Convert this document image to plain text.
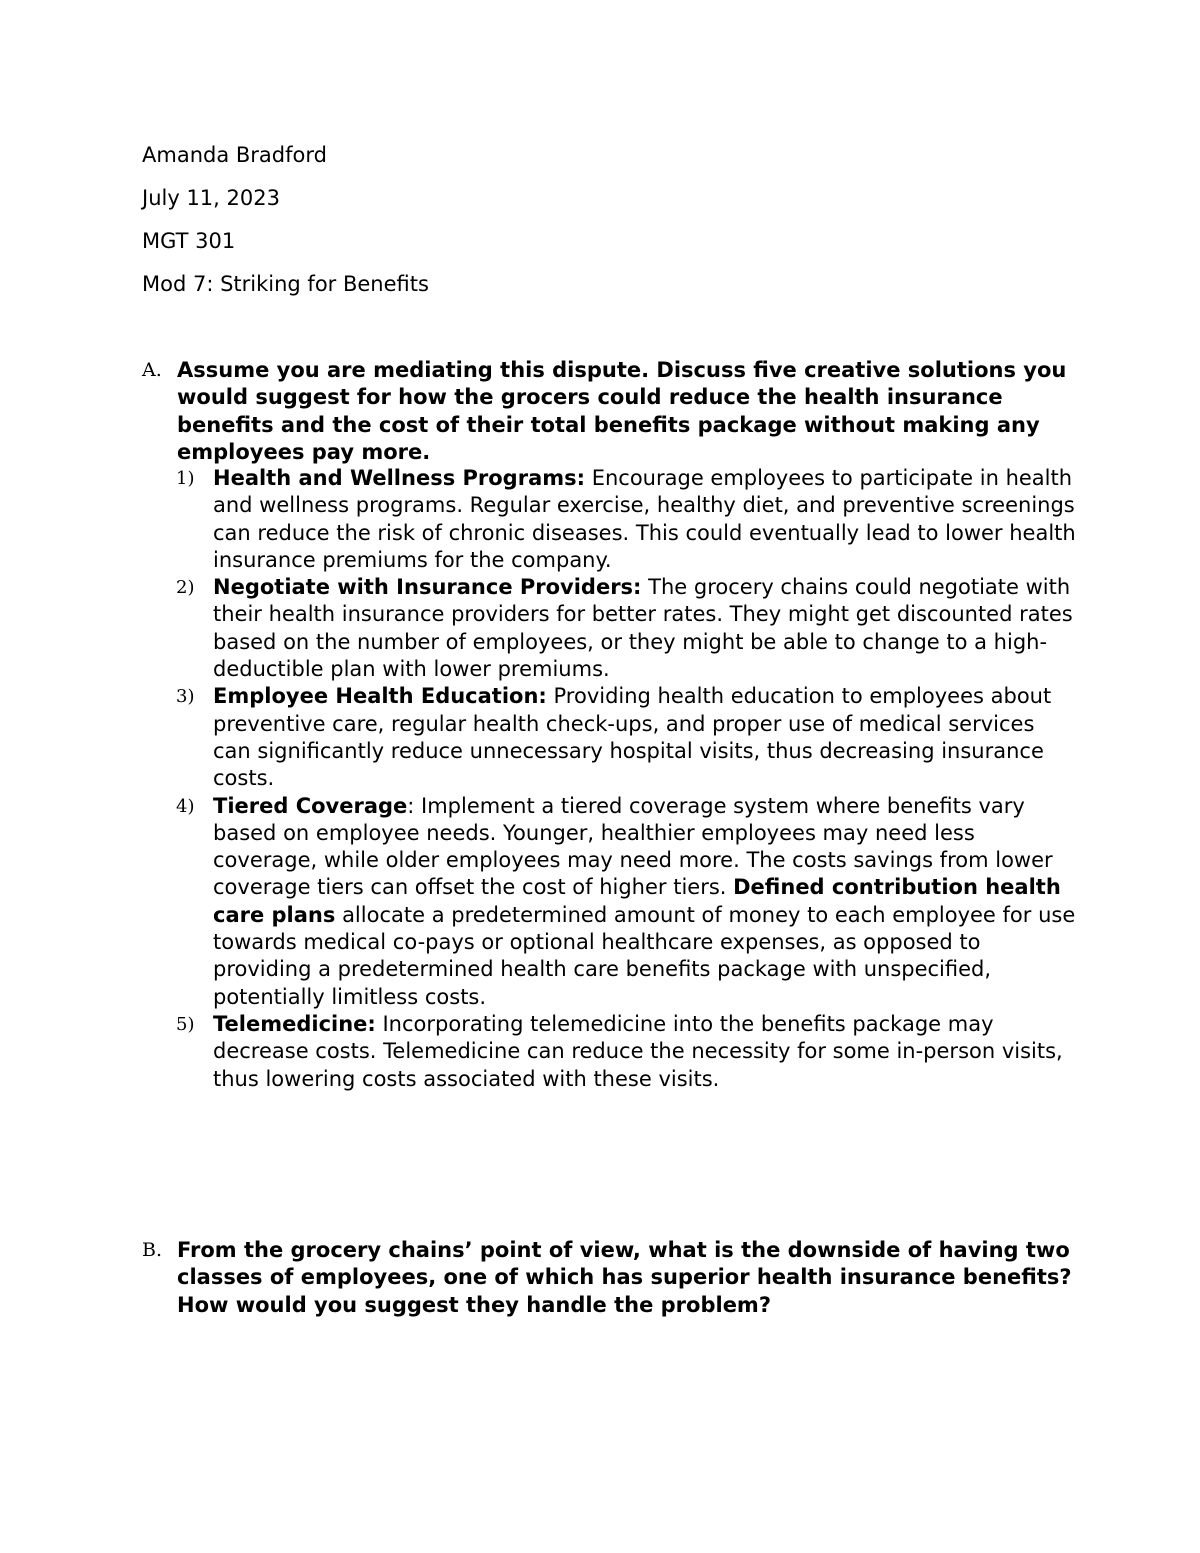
Amanda Bradford
July 11, 2023
MGT 301
Mod 7: Striking for Benefits
A. Assume you are mediating this dispute. Discuss five creative solutions you would suggest for how the grocers could reduce the health insurance benefits and the cost of their total benefits package without making any employees pay more.
1) Health and Wellness Programs: Encourage employees to participate in health and wellness programs. Regular exercise, healthy diet, and preventive screenings can reduce the risk of chronic diseases. This could eventually lead to lower health insurance premiums for the company.
2) Negotiate with Insurance Providers: The grocery chains could negotiate with their health insurance providers for better rates. They might get discounted rates based on the number of employees, or they might be able to change to a high-deductible plan with lower premiums.
3) Employee Health Education: Providing health education to employees about preventive care, regular health check-ups, and proper use of medical services can significantly reduce unnecessary hospital visits, thus decreasing insurance costs.
4) Tiered Coverage: Implement a tiered coverage system where benefits vary based on employee needs. Younger, healthier employees may need less coverage, while older employees may need more. The costs savings from lower coverage tiers can offset the cost of higher tiers. Defined contribution health care plans allocate a predetermined amount of money to each employee for use towards medical co-pays or optional healthcare expenses, as opposed to providing a predetermined health care benefits package with unspecified, potentially limitless costs.
5) Telemedicine: Incorporating telemedicine into the benefits package may decrease costs. Telemedicine can reduce the necessity for some in-person visits, thus lowering costs associated with these visits.
B. From the grocery chains’ point of view, what is the downside of having two classes of employees, one of which has superior health insurance benefits? How would you suggest they handle the problem?
